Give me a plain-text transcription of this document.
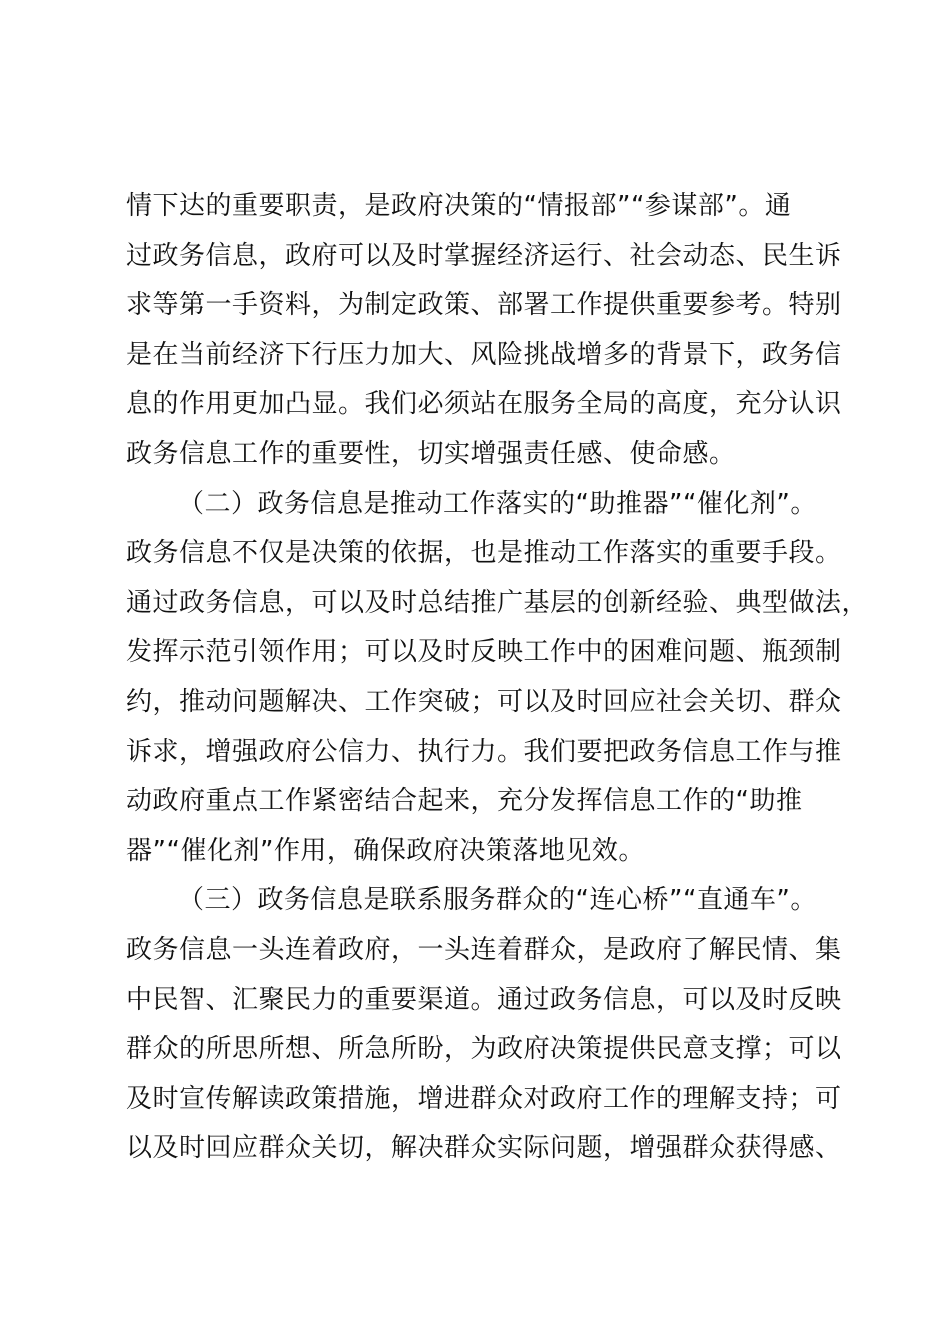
情下达的重要职责，是政府决策的“情报部”“参谋部”。通
过政务信息，政府可以及时掌握经济运行、社会动态、民生诉
求等第一手资料，为制定政策、部署工作提供重要参考。特别
是在当前经济下行压力加大、风险挑战增多的背景下，政务信
息的作用更加凸显。我们必须站在服务全局的高度，充分认识
政务信息工作的重要性，切实增强责任感、使命感。
（二）政务信息是推动工作落实的“助推器”“催化剂”。
政务信息不仅是决策的依据，也是推动工作落实的重要手段。
通过政务信息，可以及时总结推广基层的创新经验、典型做法，
发挥示范引领作用；可以及时反映工作中的困难问题、瓶颈制
约，推动问题解决、工作突破；可以及时回应社会关切、群众
诉求，增强政府公信力、执行力。我们要把政务信息工作与推
动政府重点工作紧密结合起来，充分发挥信息工作的“助推
器”“催化剂”作用，确保政府决策落地见效。
（三）政务信息是联系服务群众的“连心桥”“直通车”。
政务信息一头连着政府，一头连着群众，是政府了解民情、集
中民智、汇聚民力的重要渠道。通过政务信息，可以及时反映
群众的所思所想、所急所盼，为政府决策提供民意支撑；可以
及时宣传解读政策措施，增进群众对政府工作的理解支持；可
以及时回应群众关切，解决群众实际问题，增强群众获得感、
